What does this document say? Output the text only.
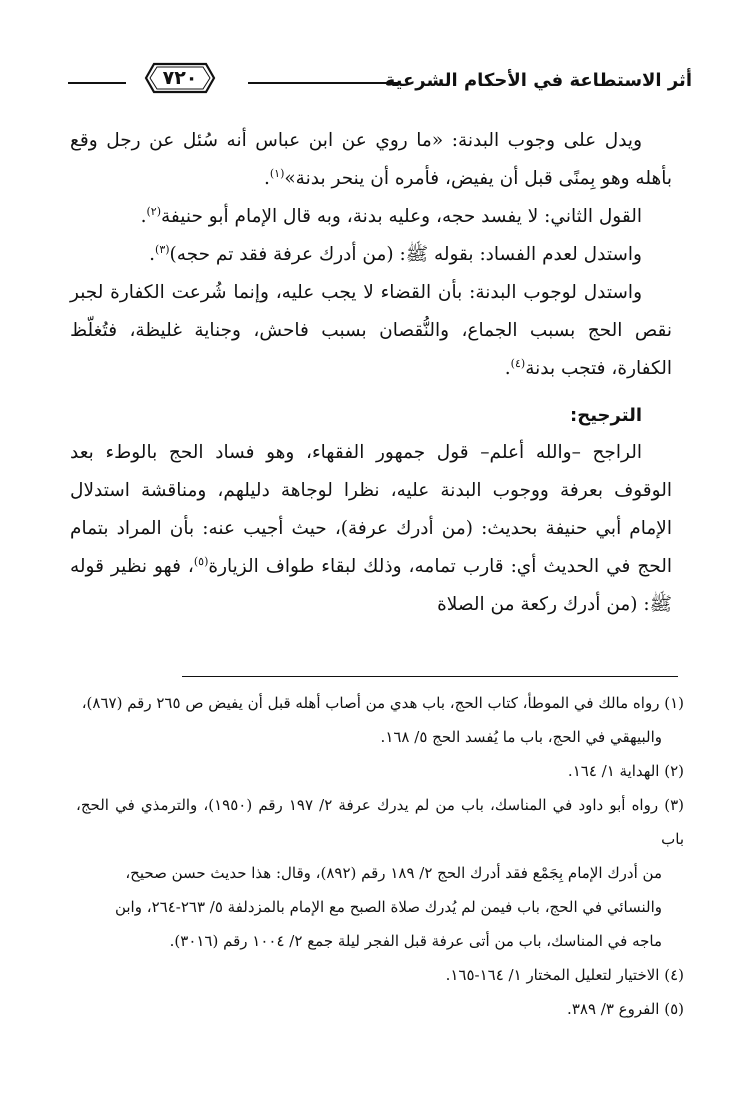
٧٢٠	أثر الاستطاعة في الأحكام الشرعية

ويدل على وجوب البدنة: «ما روي عن ابن عباس أنه سُئل عن رجل وقع بأهله وهو بِمنًى قبل أن يفيض، فأمره أن ينحر بدنة»$^{(١)}$.

القول الثاني: لا يفسد حجه، وعليه بدنة، وبه قال الإمام أبو حنيفة$^{(٢)}$.

واستدل لعدم الفساد: بقوله ﷺ: (من أدرك عرفة فقد تم حجه)$^{(٣)}$.

واستدل لوجوب البدنة: بأن القضاء لا يجب عليه، وإنما شُرعت الكفارة لجبر نقص الحج بسبب الجماع، والنُّقصان بسبب فاحش، وجناية غليظة، فتُغلّظ الكفارة، فتجب بدنة$^{(٤)}$.

الترجيح:

الراجح –والله أعلم– قول جمهور الفقهاء، وهو فساد الحج بالوطء بعد الوقوف بعرفة ووجوب البدنة عليه، نظرا لوجاهة دليلهم، ومناقشة استدلال الإمام أبي حنيفة بحديث: (من أدرك عرفة)، حيث أجيب عنه: بأن المراد بتمام الحج في الحديث أي: قارب تمامه، وذلك لبقاء طواف الزيارة$^{(٥)}$، فهو نظير قوله ﷺ: (من أدرك ركعة من الصلاة

(١) رواه مالك في الموطأ، كتاب الحج، باب هدي من أصاب أهله قبل أن يفيض ص ٢٦٥ رقم (٨٦٧)،

والبيهقي في الحج، باب ما يُفسد الحج ٥/ ١٦٨.

(٢) الهداية ١/ ١٦٤.

(٣) رواه أبو داود في المناسك، باب من لم يدرك عرفة ٢/ ١٩٧ رقم (١٩٥٠)، والترمذي في الحج، باب

من أدرك الإمام بِجَمْع فقد أدرك الحج ٢/ ١٨٩ رقم (٨٩٢)، وقال: هذا حديث حسن صحيح،

والنسائي في الحج، باب فيمن لم يُدرك صلاة الصبح مع الإمام بالمزدلفة ٥/ ٢٦٣-٢٦٤، وابن

ماجه في المناسك، باب من أتى عرفة قبل الفجر ليلة جمع ٢/ ١٠٠٤ رقم (٣٠١٦).

(٤) الاختيار لتعليل المختار ١/ ١٦٤-١٦٥.

(٥) الفروع ٣/ ٣٨٩.
